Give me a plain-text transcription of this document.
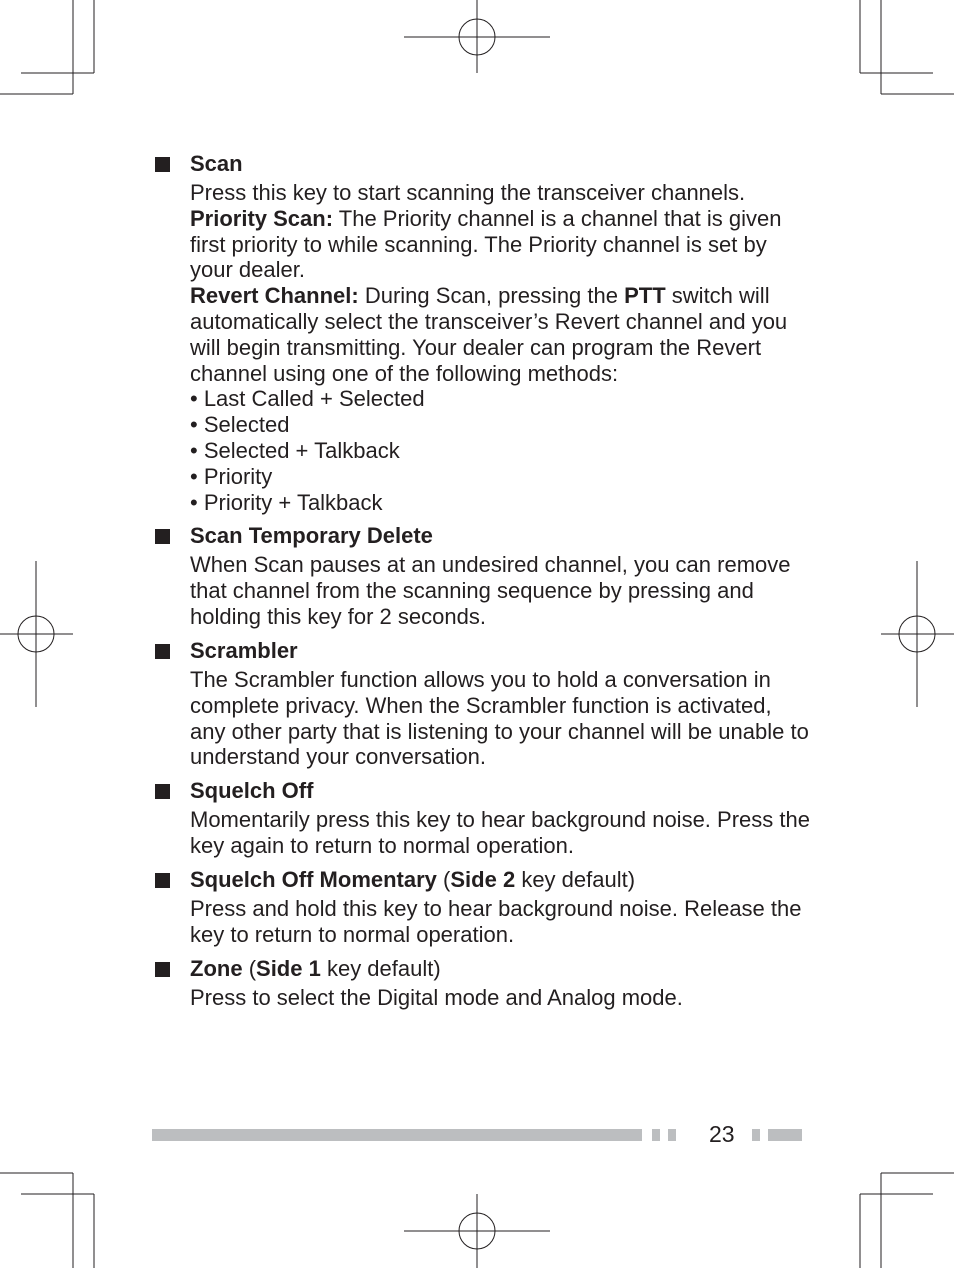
Scan

Press this key to start scanning the transceiver channels.

Priority Scan: The Priority channel is a channel that is given first priority to while scanning. The Priority channel is set by your dealer.

Revert Channel: During Scan, pressing the PTT switch will automatically select the transceiver’s Revert channel and you will begin transmitting. Your dealer can program the Revert channel using one of the following methods:

• Last Called + Selected
• Selected
• Selected + Talkback
• Priority
• Priority + Talkback
Scan Temporary Delete

When Scan pauses at an undesired channel, you can remove that channel from the scanning sequence by pressing and holding this key for 2 seconds.

Scrambler

The Scrambler function allows you to hold a conversation in complete privacy. When the Scrambler function is activated, any other party that is listening to your channel will be unable to understand your conversation.

Squelch Off

Momentarily press this key to hear background noise. Press the key again to return to normal operation.

Squelch Off Momentary (Side 2 key default)

Press and hold this key to hear background noise. Release the key to return to normal operation.

Zone (Side 1 key default)

Press to select the Digital mode and Analog mode.

23
